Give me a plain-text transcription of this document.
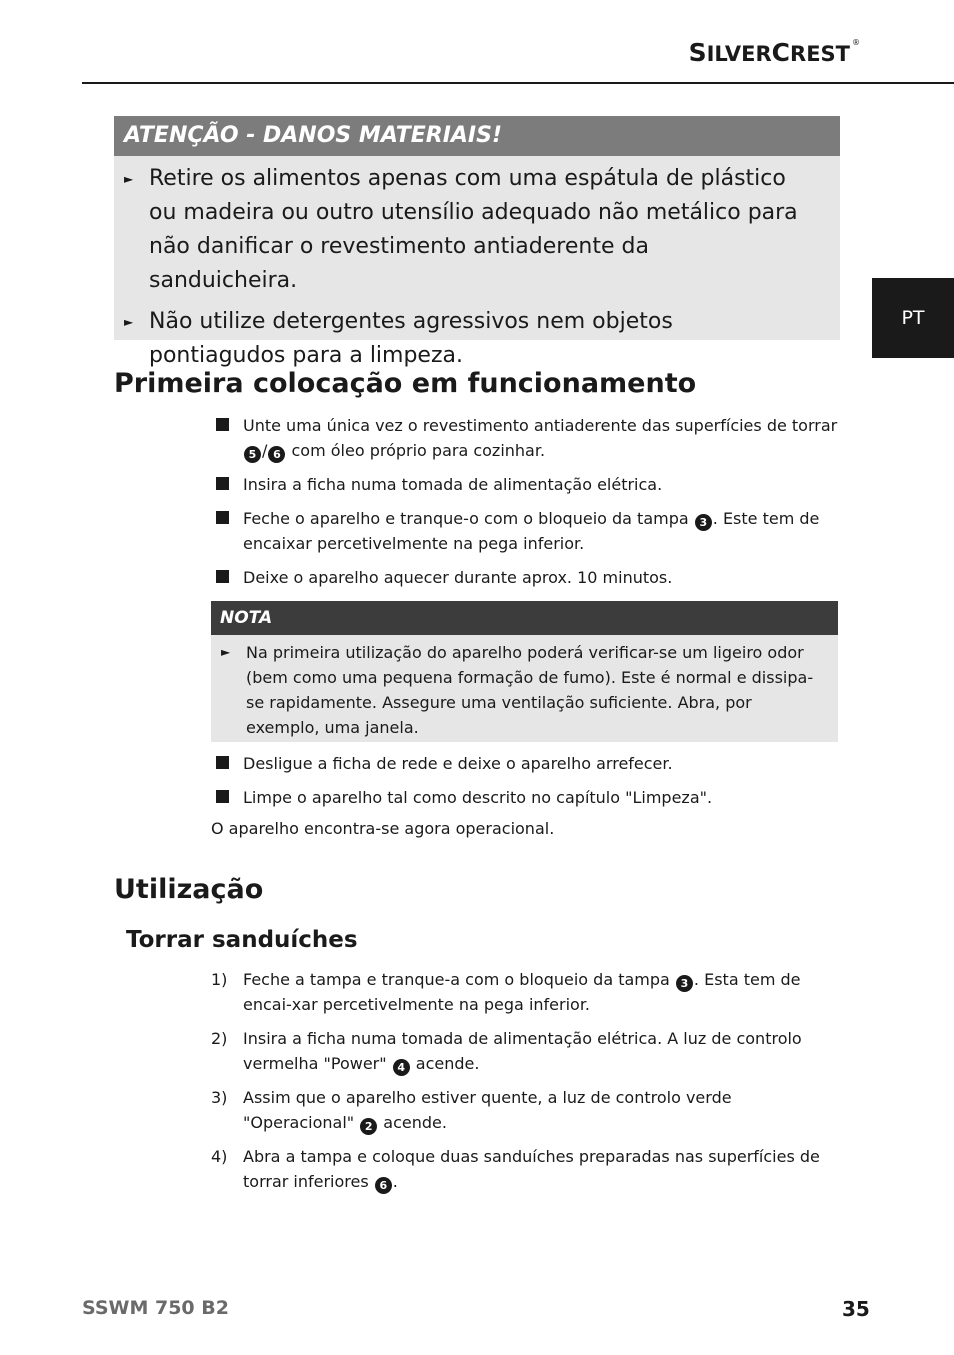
SILVERCREST ®
PT
ATENÇÃO - DANOS MATERIAIS!
► Retire os alimentos apenas com uma espátula de plástico ou madeira ou outro utensílio adequado não metálico para não danificar o revestimento antiaderente da sanduicheira.
► Não utilize detergentes agressivos nem objetos pontiagudos para a limpeza.
Primeira colocação em funcionamento
Unte uma única vez o revestimento antiaderente das superfícies de torrar 5 / 6 com óleo próprio para cozinhar.
Insira a ficha numa tomada de alimentação elétrica.
Feche o aparelho e tranque-o com o bloqueio da tampa 3 . Este tem de encaixar percetivelmente na pega inferior.
Deixe o aparelho aquecer durante aprox. 10 minutos.
NOTA
► Na primeira utilização do aparelho poderá verificar-se um ligeiro odor (bem como uma pequena formação de fumo). Este é normal e dissipa-se rapidamente. Assegure uma ventilação suficiente. Abra, por exemplo, uma janela.
Desligue a ficha de rede e deixe o aparelho arrefecer.
Limpe o aparelho tal como descrito no capítulo "Limpeza".

O aparelho encontra-se agora operacional.

Utilização
Torrar sanduíches
1) Feche a tampa e tranque-a com o bloqueio da tampa 3 . Esta tem de encai-xar percetivelmente na pega inferior.
2) Insira a ficha numa tomada de alimentação elétrica. A luz de controlo vermelha "Power" 4 acende.
3) Assim que o aparelho estiver quente, a luz de controlo verde "Operacional" 2 acende.
4) Abra a tampa e coloque duas sanduíches preparadas nas superfícies de torrar inferiores 6 .
SSWM 750 B2	35
